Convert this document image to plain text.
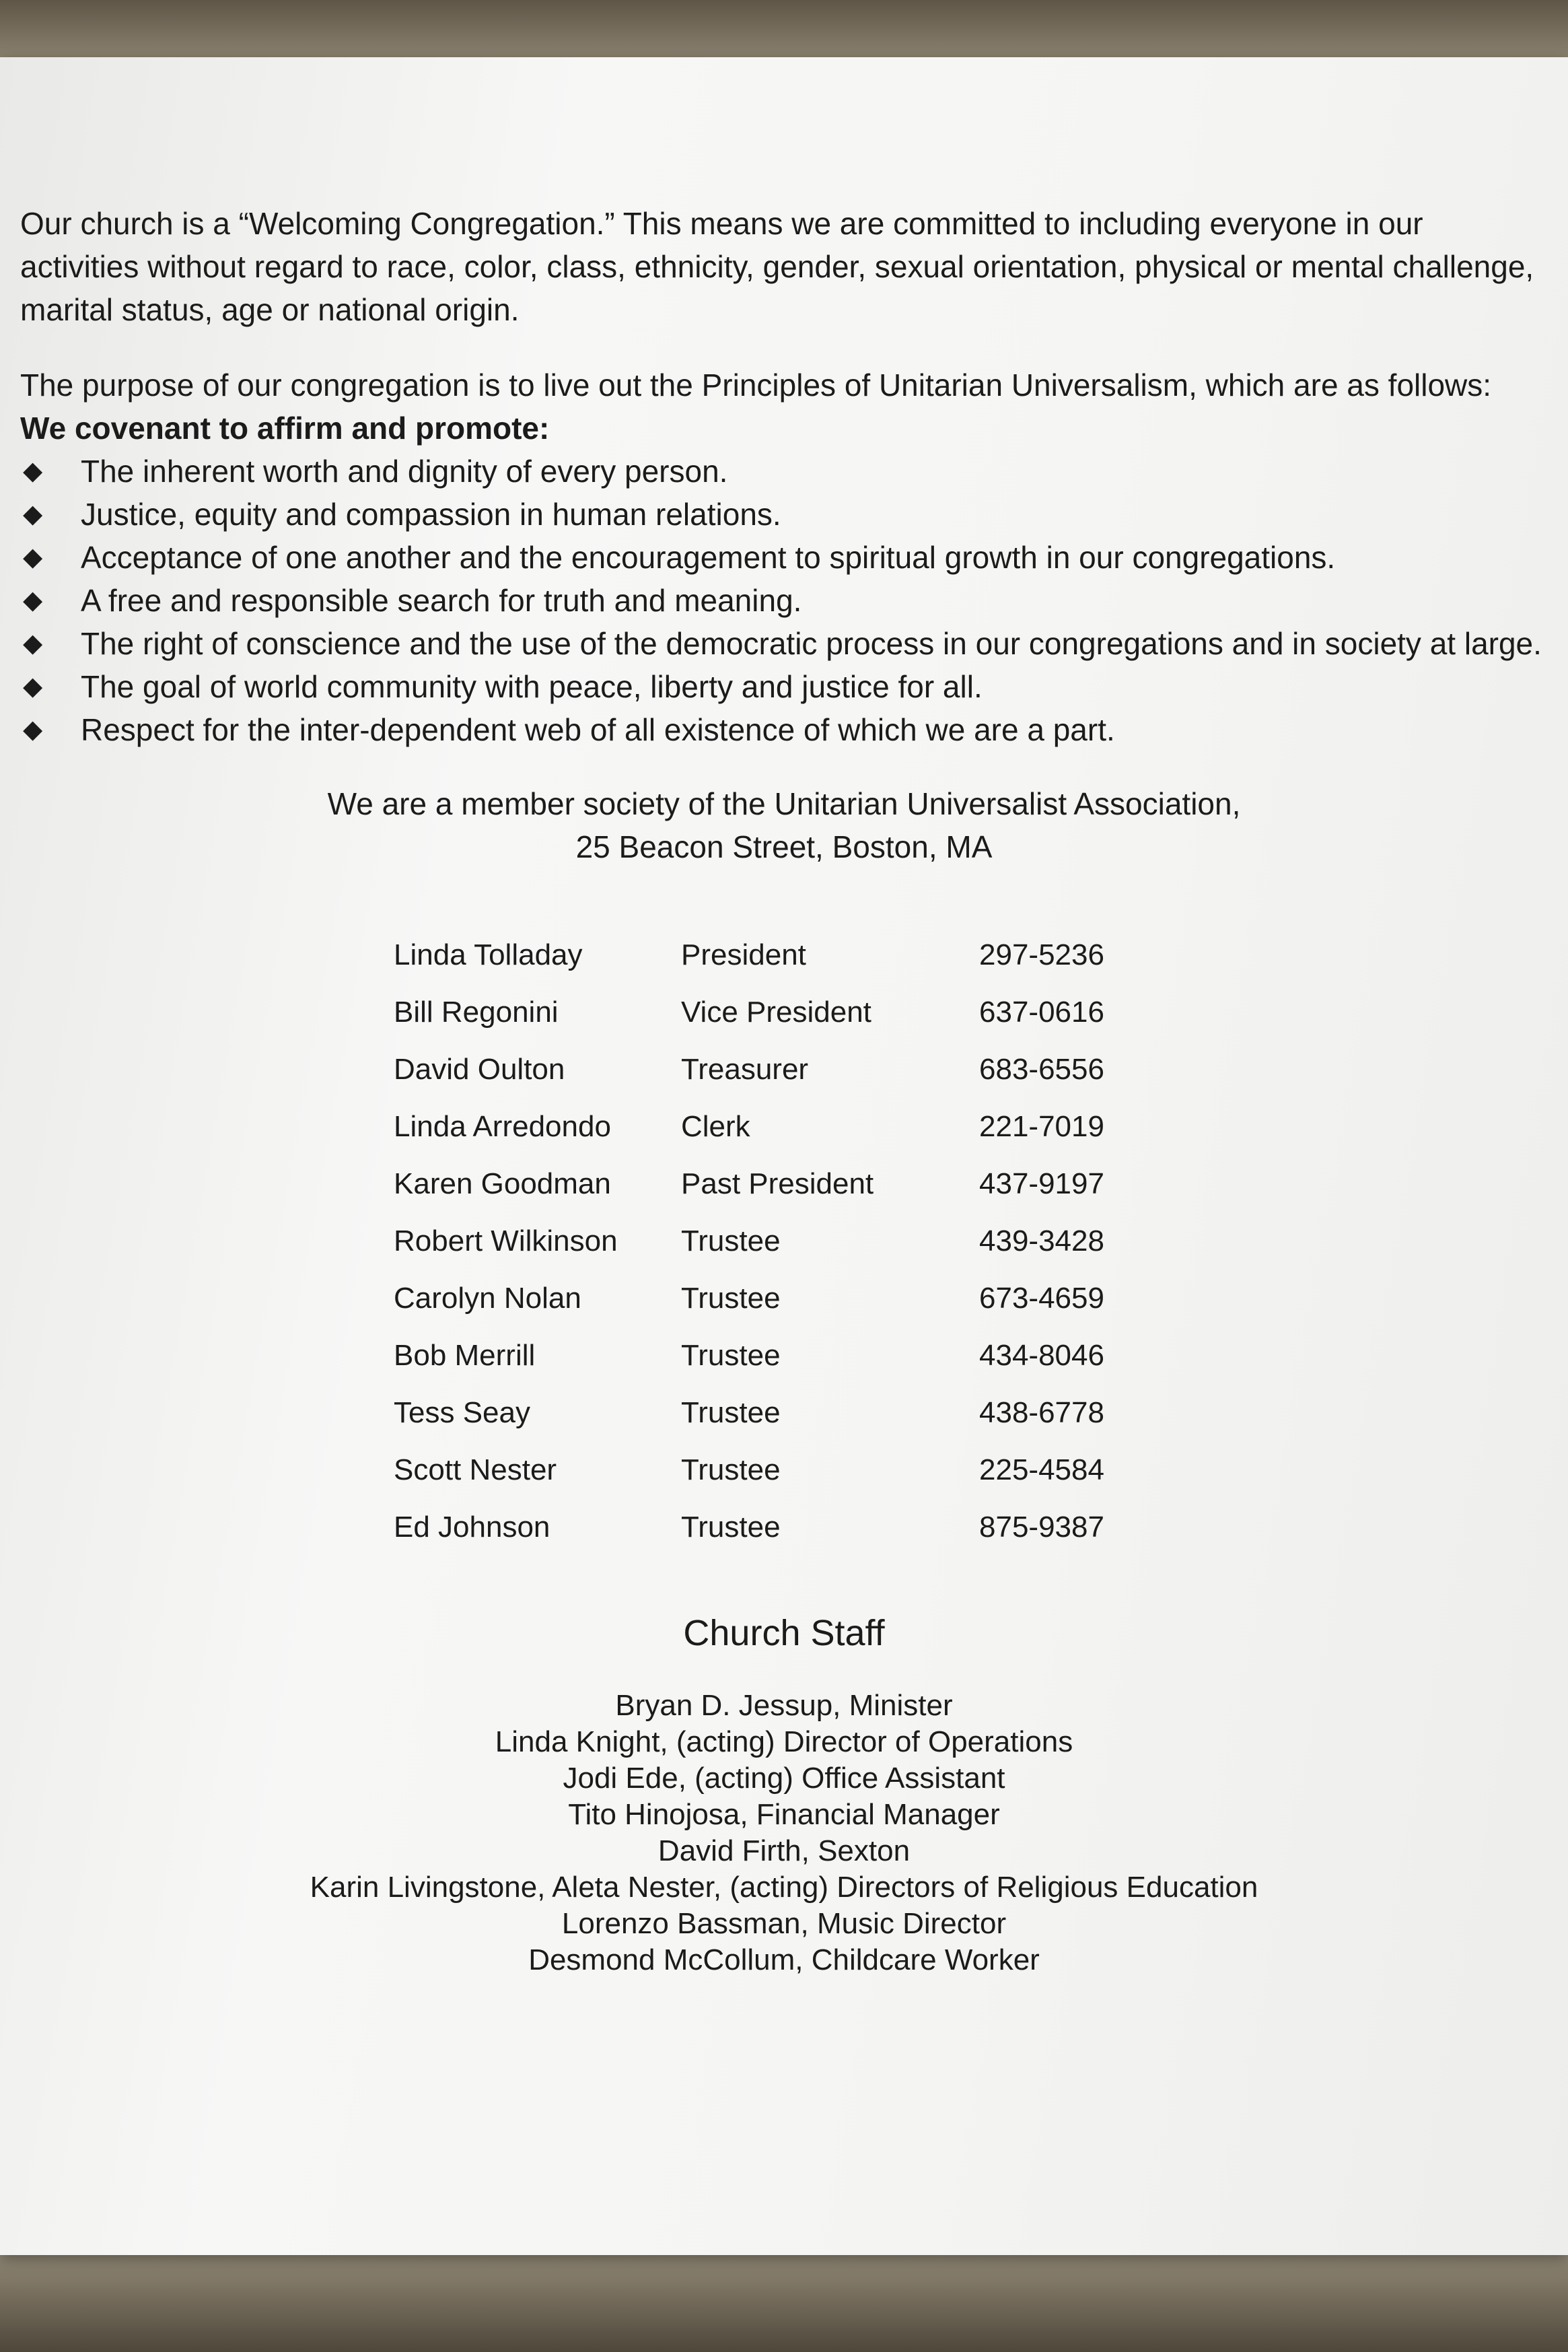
Our church is a “Welcoming Congregation.” This means we are committed to including everyone in our activities without regard to race, color, class, ethnicity, gender, sexual orientation, physical or mental challenge, marital status, age or national origin.

The purpose of our congregation is to live out the Principles of Unitarian Universalism, which are as follows:

We covenant to affirm and promote:

◆ The inherent worth and dignity of every person.
◆ Justice, equity and compassion in human relations.
◆ Acceptance of one another and the encouragement to spiritual growth in our congregations.
◆ A free and responsible search for truth and meaning.
◆ The right of conscience and the use of the democratic process in our congregations and in society at large.
◆ The goal of world community with peace, liberty and justice for all.
◆ Respect for the inter-dependent web of all existence of which we are a part.
We are a member society of the Unitarian Universalist Association,
25 Beacon Street, Boston, MA
Linda Tolladay	President	297-5236
Bill Regonini	Vice President	637-0616
David Oulton	Treasurer	683-6556
Linda Arredondo	Clerk	221-7019
Karen Goodman	Past President	437-9197
Robert Wilkinson	Trustee	439-3428
Carolyn Nolan	Trustee	673-4659
Bob Merrill	Trustee	434-8046
Tess Seay	Trustee	438-6778
Scott Nester	Trustee	225-4584
Ed Johnson	Trustee	875-9387
Church Staff
Bryan D. Jessup, Minister
Linda Knight, (acting) Director of Operations
Jodi Ede, (acting) Office Assistant
Tito Hinojosa, Financial Manager
David Firth, Sexton
Karin Livingstone, Aleta Nester, (acting) Directors of Religious Education
Lorenzo Bassman, Music Director
Desmond McCollum, Childcare Worker
